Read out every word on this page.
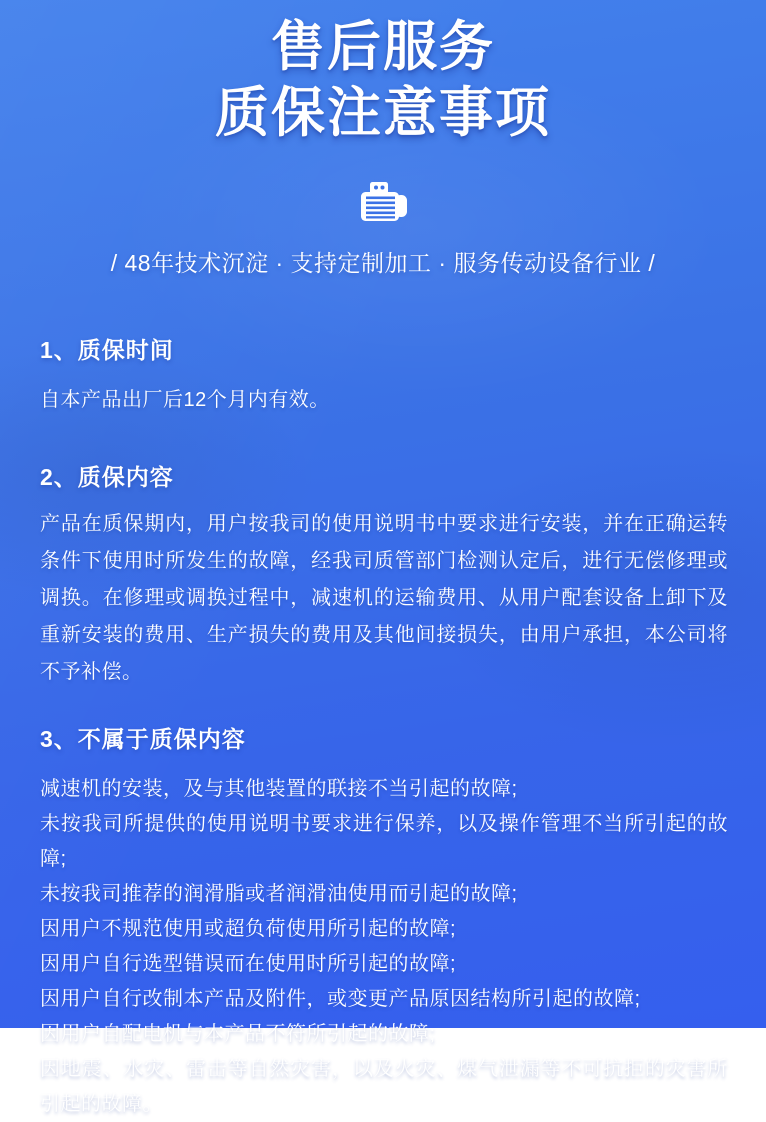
售后服务
质保注意事项
/ 48年技术沉淀 · 支持定制加工 · 服务传动设备行业 /
1、质保时间
自本产品出厂后12个月内有效。
2、质保内容
产品在质保期内，用户按我司的使用说明书中要求进行安装，并在正确运转条件下使用时所发生的故障，经我司质管部门检测认定后，进行无偿修理或调换。在修理或调换过程中，减速机的运输费用、从用户配套设备上卸下及重新安装的费用、生产损失的费用及其他间接损失，由用户承担，本公司将不予补偿。
3、不属于质保内容
减速机的安装，及与其他装置的联接不当引起的故障;
未按我司所提供的使用说明书要求进行保养，以及操作管理不当所引起的故障;
未按我司推荐的润滑脂或者润滑油使用而引起的故障;
因用户不规范使用或超负荷使用所引起的故障;
因用户自行选型错误而在使用时所引起的故障;
因用户自行改制本产品及附件，或变更产品原因结构所引起的故障;
因用户自配电机与本产品不符所引起的故障;
因地震、水灾、雷击等自然灾害，以及火灾、煤气泄漏等不可抗拒的灾害所引起的故障。
